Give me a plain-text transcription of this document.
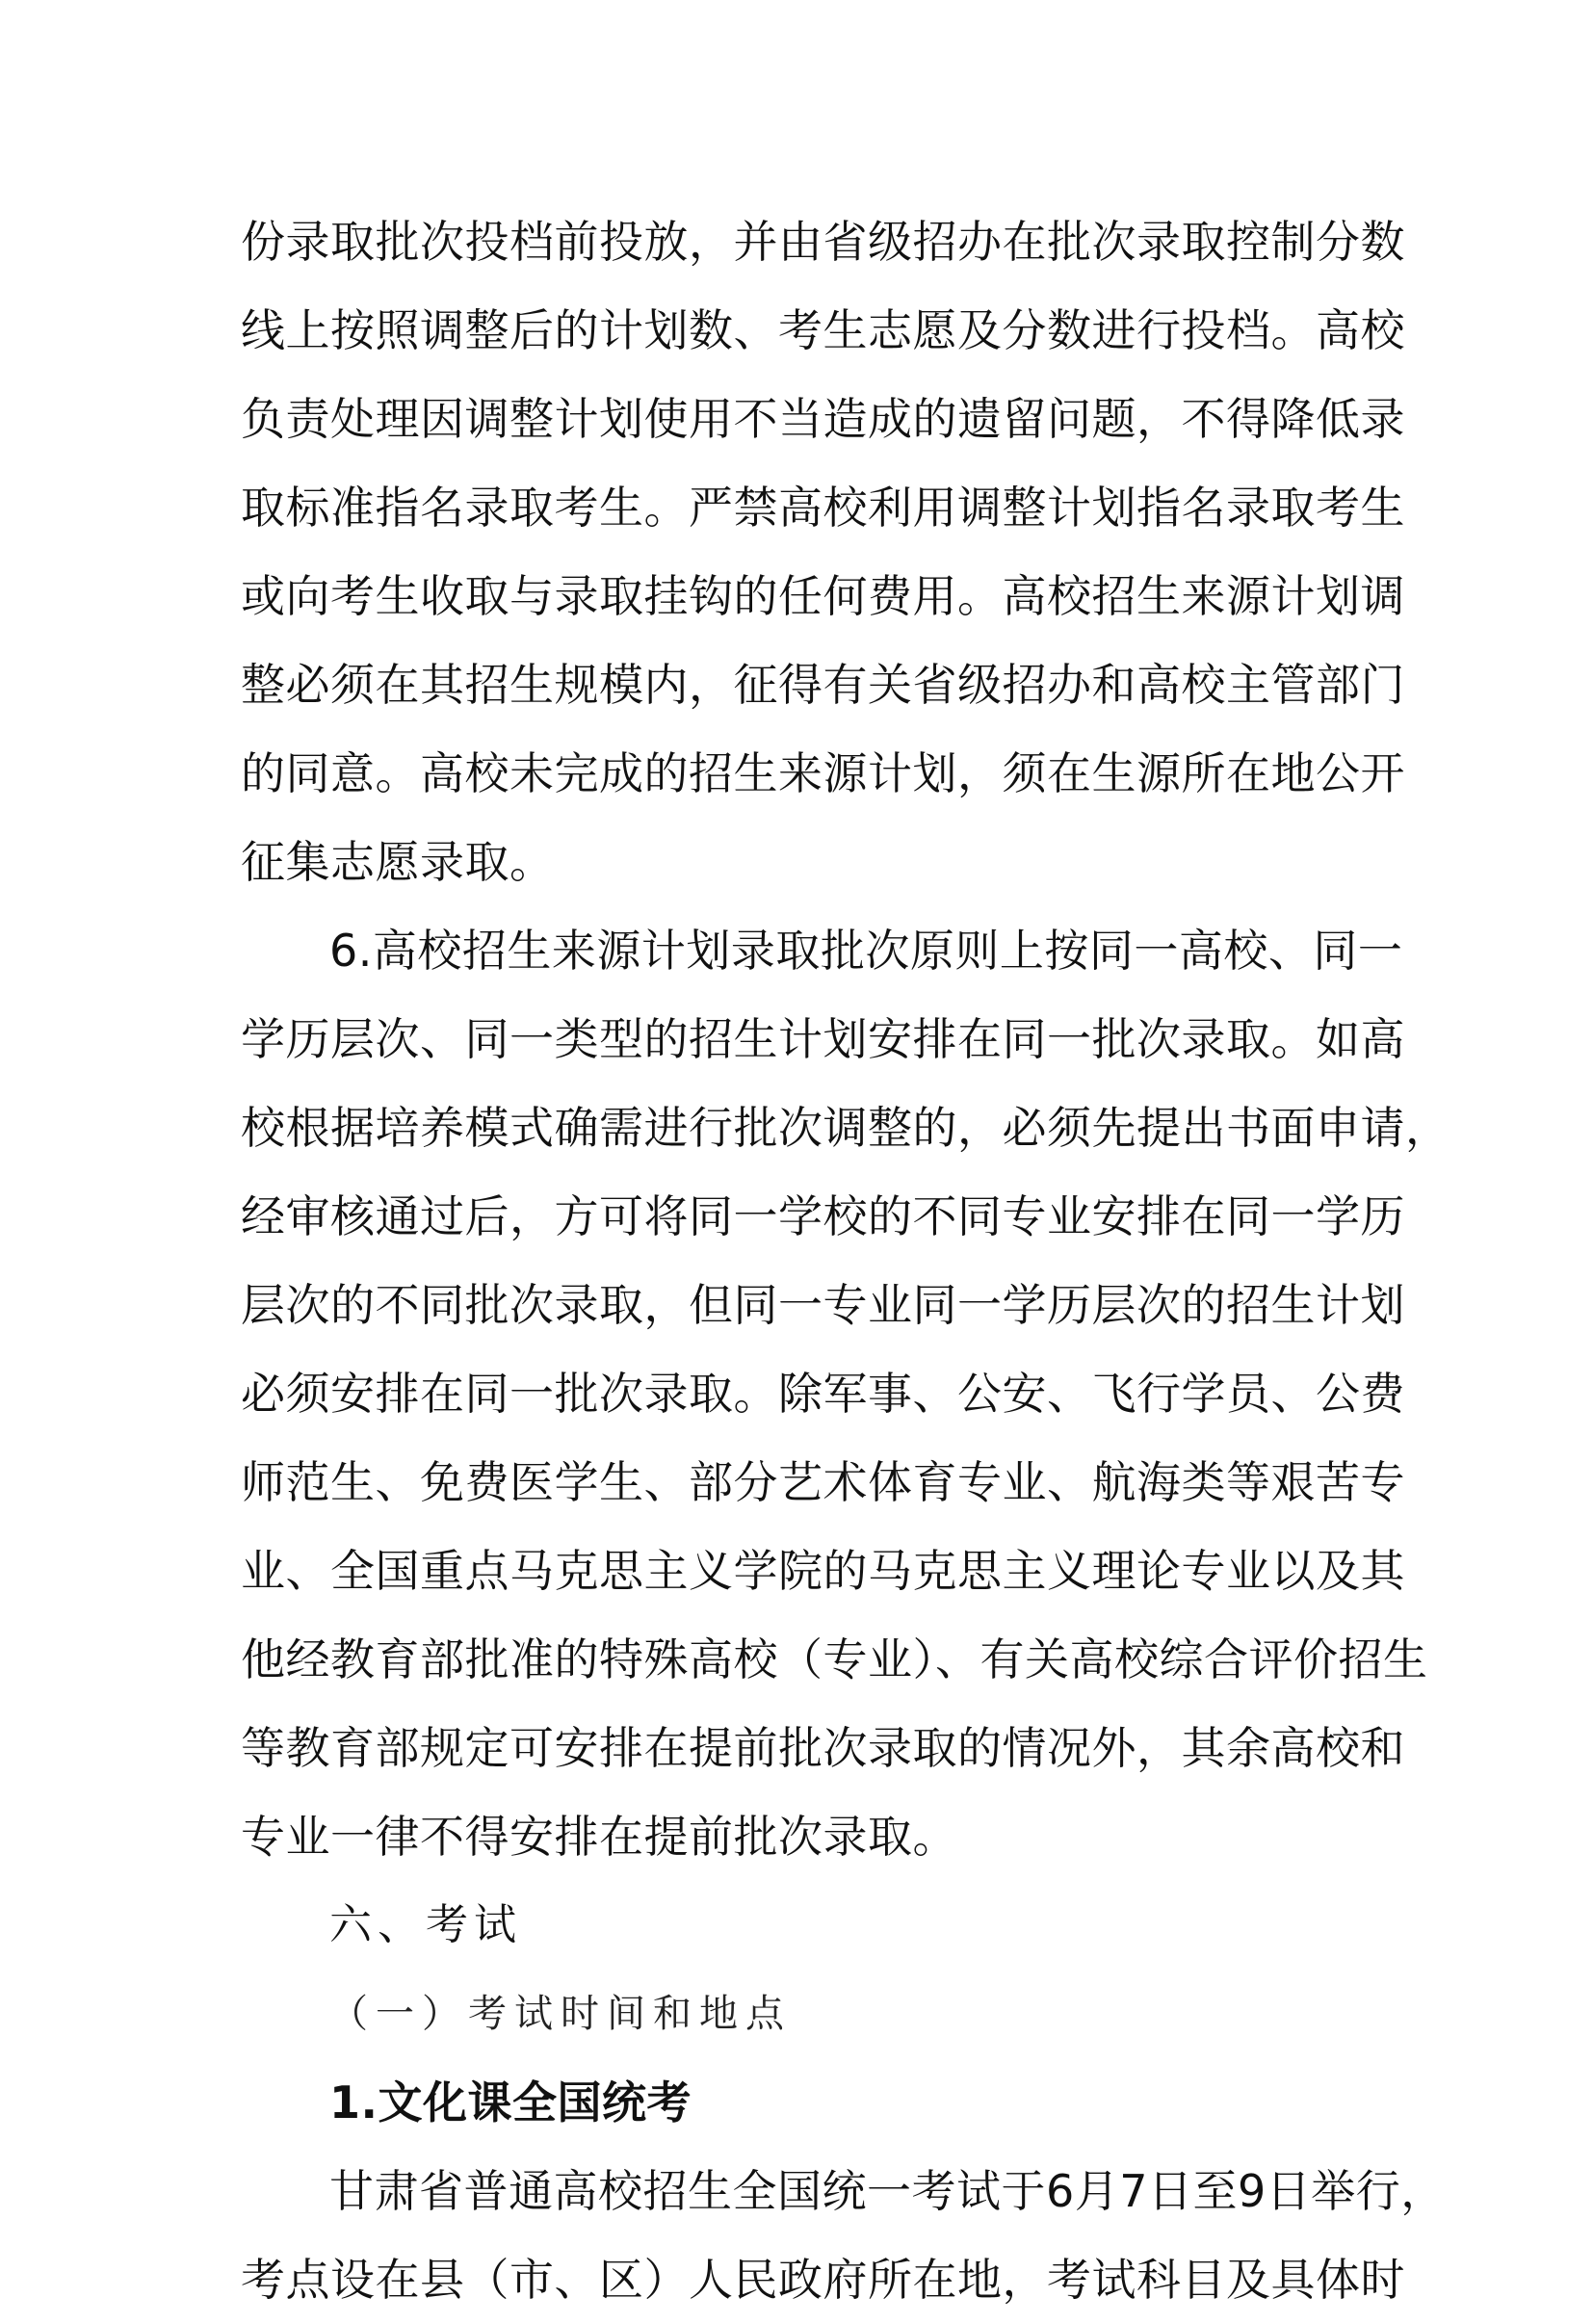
份录取批次投档前投放，并由省级招办在批次录取控制分数
线上按照调整后的计划数、考生志愿及分数进行投档。高校
负责处理因调整计划使用不当造成的遗留问题，不得降低录
取标准指名录取考生。严禁高校利用调整计划指名录取考生
或向考生收取与录取挂钩的任何费用。高校招生来源计划调
整必须在其招生规模内，征得有关省级招办和高校主管部门
的同意。高校未完成的招生来源计划，须在生源所在地公开
征集志愿录取。
6.高校招生来源计划录取批次原则上按同一高校、同一
学历层次、同一类型的招生计划安排在同一批次录取。如高
校根据培养模式确需进行批次调整的，必须先提出书面申请，
经审核通过后，方可将同一学校的不同专业安排在同一学历
层次的不同批次录取，但同一专业同一学历层次的招生计划
必须安排在同一批次录取。除军事、公安、飞行学员、公费
师范生、免费医学生、部分艺术体育专业、航海类等艰苦专
业、全国重点马克思主义学院的马克思主义理论专业以及其
他经教育部批准的特殊高校（专业）、有关高校综合评价招生
等教育部规定可安排在提前批次录取的情况外，其余高校和
专业一律不得安排在提前批次录取。
六、考试
（一）考试时间和地点
1.文化课全国统考
甘肃省普通高校招生全国统一考试于6月7日至9日举行，
考点设在县（市、区）人民政府所在地，考试科目及具体时
